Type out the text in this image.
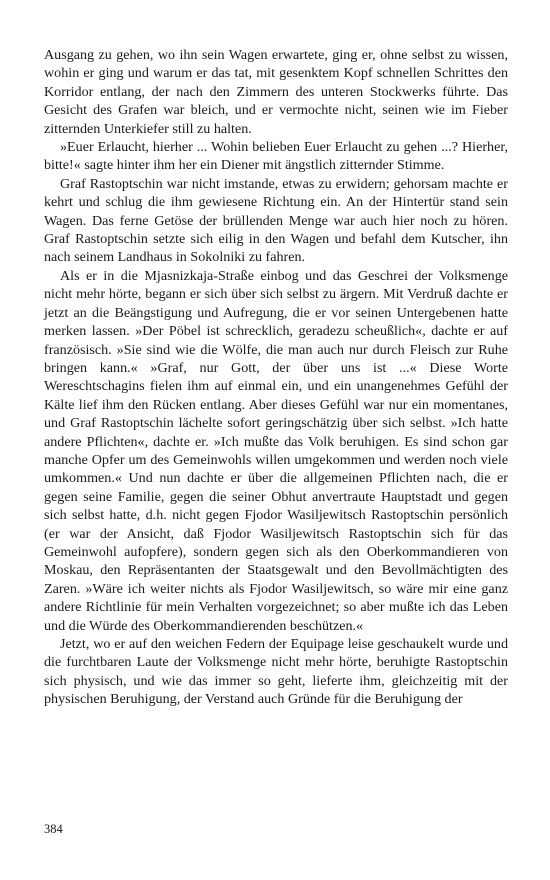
Ausgang zu gehen, wo ihn sein Wagen erwartete, ging er, ohne selbst zu wissen, wohin er ging und warum er das tat, mit gesenktem Kopf schnellen Schrittes den Korridor entlang, der nach den Zimmern des unteren Stockwerks führte. Das Gesicht des Grafen war bleich, und er vermochte nicht, seinen wie im Fieber zitternden Unterkiefer still zu halten.

»Euer Erlaucht, hierher ... Wohin belieben Euer Erlaucht zu gehen ...? Hierher, bitte!« sagte hinter ihm her ein Diener mit ängstlich zitternder Stimme.

Graf Rastoptschin war nicht imstande, etwas zu erwidern; gehorsam machte er kehrt und schlug die ihm gewiesene Richtung ein. An der Hintertür stand sein Wagen. Das ferne Getöse der brüllenden Menge war auch hier noch zu hören. Graf Rastoptschin setzte sich eilig in den Wagen und befahl dem Kutscher, ihn nach seinem Landhaus in Sokolniki zu fahren.

Als er in die Mjasnizkaja-Straße einbog und das Geschrei der Volksmenge nicht mehr hörte, begann er sich über sich selbst zu ärgern. Mit Verdruß dachte er jetzt an die Beängstigung und Aufregung, die er vor seinen Untergebenen hatte merken lassen. »Der Pöbel ist schrecklich, geradezu scheußlich«, dachte er auf französisch. »Sie sind wie die Wölfe, die man auch nur durch Fleisch zur Ruhe bringen kann.« »Graf, nur Gott, der über uns ist ...« Diese Worte Wereschtschagins fielen ihm auf einmal ein, und ein unangenehmes Gefühl der Kälte lief ihm den Rücken entlang. Aber dieses Gefühl war nur ein momentanes, und Graf Rastoptschin lächelte sofort geringschätzig über sich selbst. »Ich hatte andere Pflichten«, dachte er. »Ich mußte das Volk beruhigen. Es sind schon gar manche Opfer um des Gemeinwohls willen umgekommen und werden noch viele umkommen.« Und nun dachte er über die allgemeinen Pflichten nach, die er gegen seine Familie, gegen die seiner Obhut anvertraute Hauptstadt und gegen sich selbst hatte, d.h. nicht gegen Fjodor Wasiljewitsch Rastoptschin persönlich (er war der Ansicht, daß Fjodor Wasiljewitsch Rastoptschin sich für das Gemeinwohl aufopfere), sondern gegen sich als den Oberkommandieren von Moskau, den Repräsentanten der Staatsgewalt und den Bevollmächtigten des Zaren. »Wäre ich weiter nichts als Fjodor Wasiljewitsch, so wäre mir eine ganz andere Richtlinie für mein Verhalten vorgezeichnet; so aber mußte ich das Leben und die Würde des Oberkommandierenden beschützen.«

Jetzt, wo er auf den weichen Federn der Equipage leise geschaukelt wurde und die furchtbaren Laute der Volksmenge nicht mehr hörte, beruhigte Rastoptschin sich physisch, und wie das immer so geht, lieferte ihm, gleichzeitig mit der physischen Beruhigung, der Verstand auch Gründe für die Beruhigung der

384
